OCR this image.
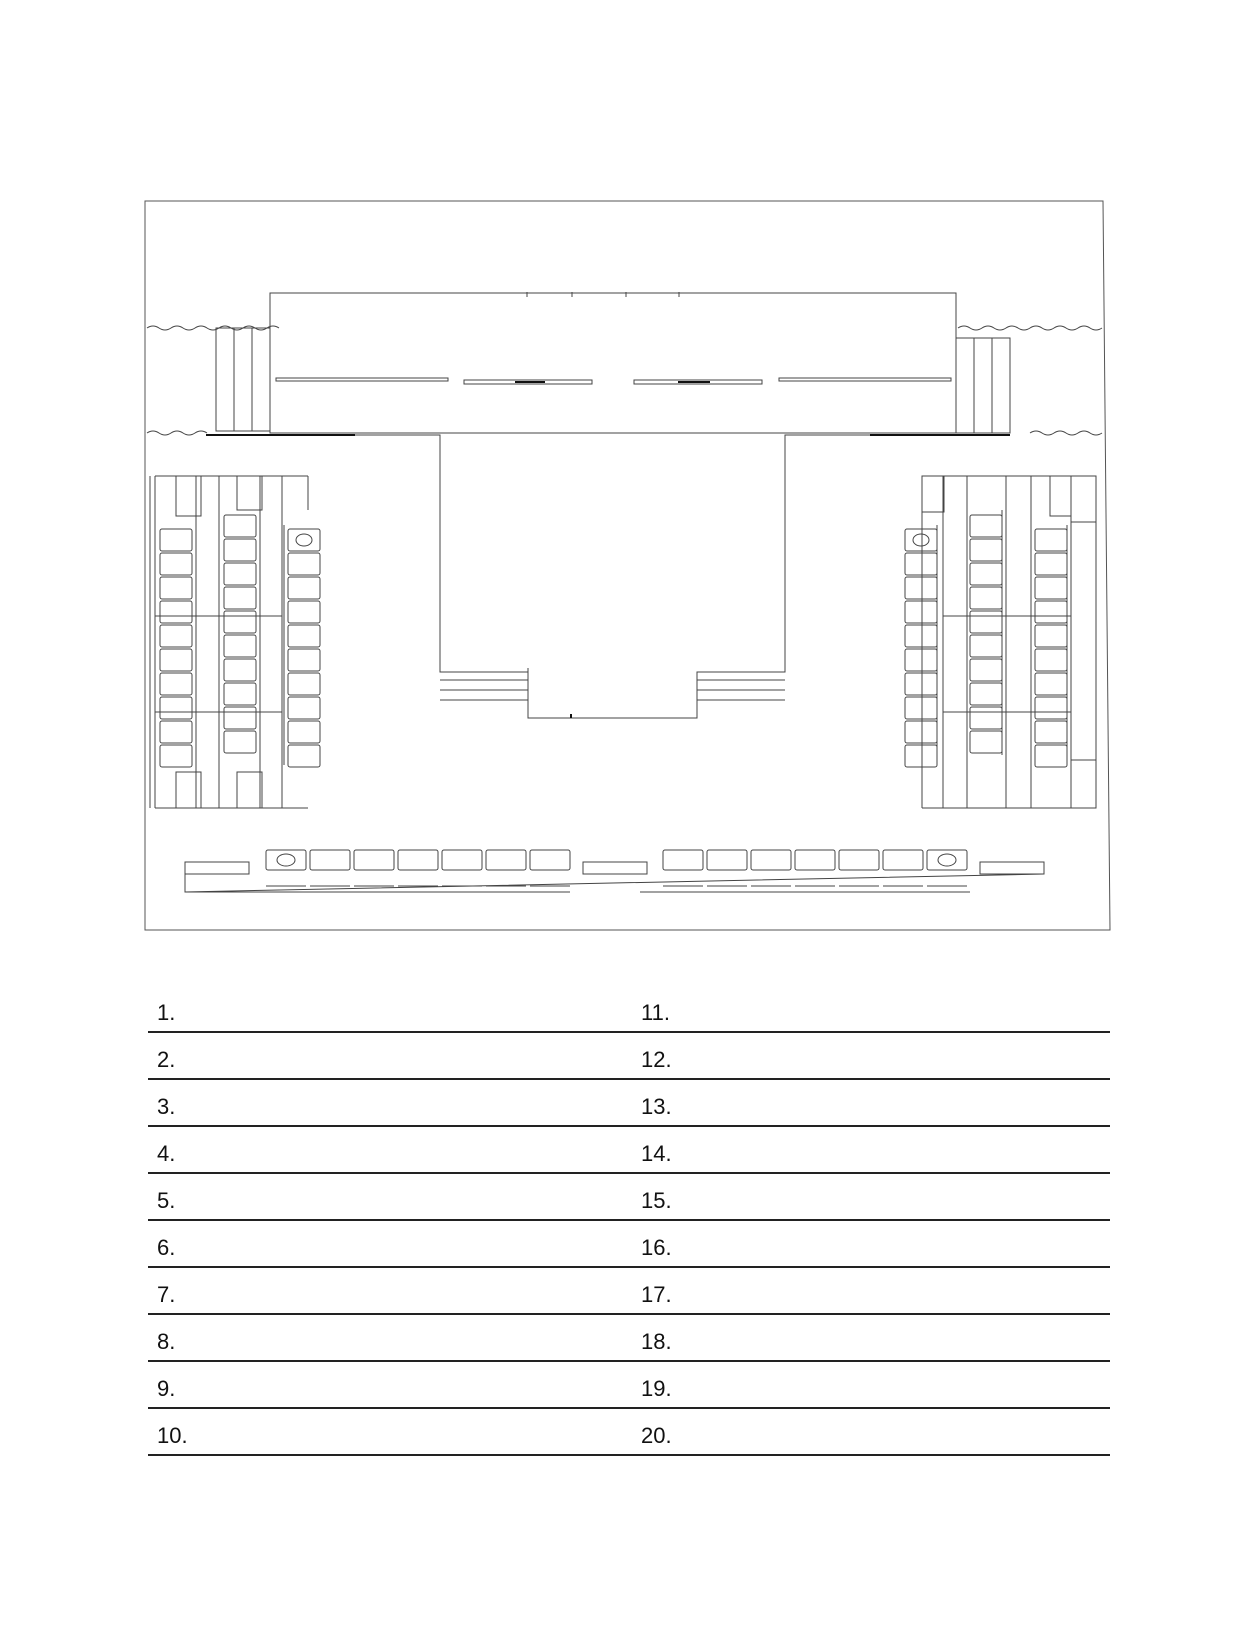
1.
2.
3.
4.
5.
6.
7.
8.
9.
10.
11.
12.
13.
14.
15.
16.
17.
18.
19.
20.
